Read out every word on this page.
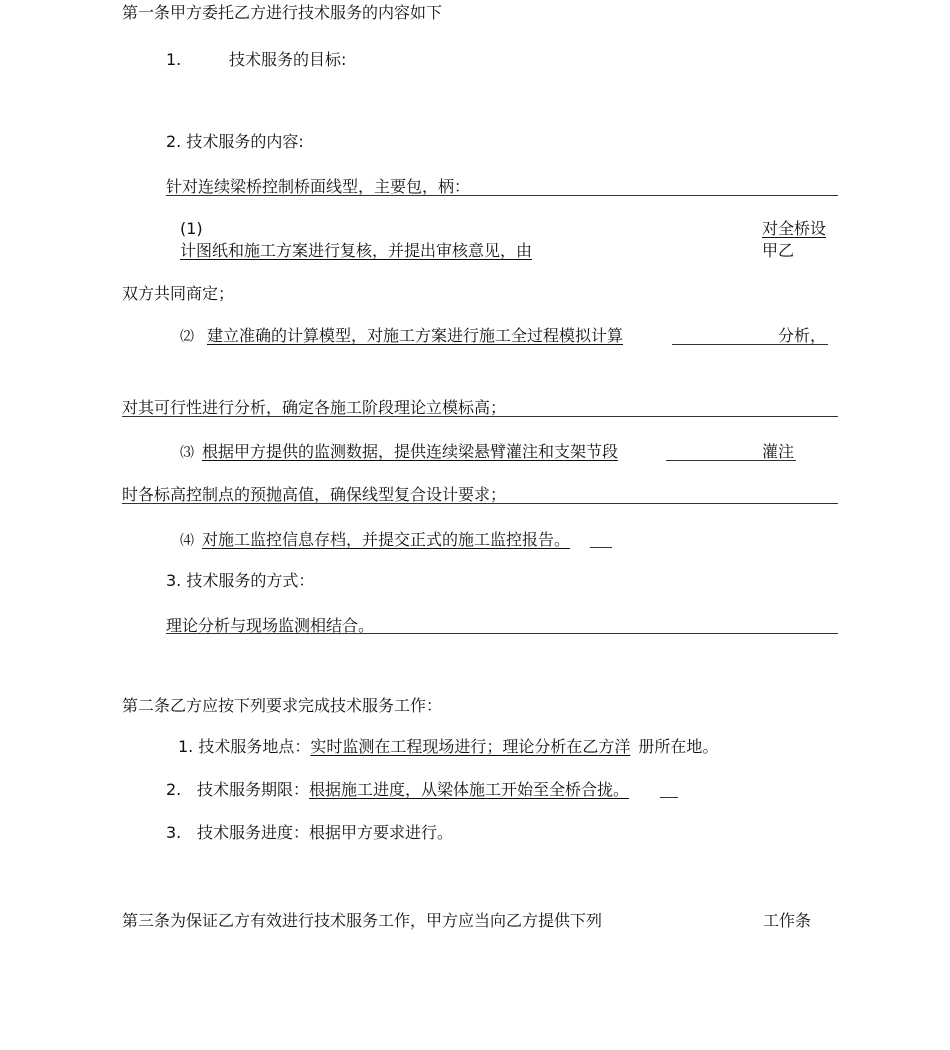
第一条甲方委托乙方进行技术服务的内容如下
1.	技术服务的目标:
2. 技术服务的内容:
针对连续梁桥控制桥面线型，主要包，柄：
(1)
计图纸和施工方案进行复核，并提出审核意见，由
对全桥设
甲乙
双方共同商定；
⑵ 建立准确的计算模型，对施工方案进行施工全过程模拟计算	分析，
对其可行性进行分析，确定各施工阶段理论立模标高；
⑶ 根据甲方提供的监测数据，提供连续梁悬臂灌注和支架节段	灌注
时各标高控制点的预抛高值，确保线型复合设计要求；
⑷ 对施工监控信息存档，并提交正式的施工监控报告。
3. 技术服务的方式：
理论分析与现场监测相结合。
第二条乙方应按下列要求完成技术服务工作：
1. 技术服务地点：实时监测在工程现场进行；理论分析在乙方洋 册所在地。
2. 技术服务期限：根据施工进度，从梁体施工开始至全桥合拢。
3. 技术服务进度：根据甲方要求进行。
第三条为保证乙方有效进行技术服务工作，甲方应当向乙方提供下列	工作条
